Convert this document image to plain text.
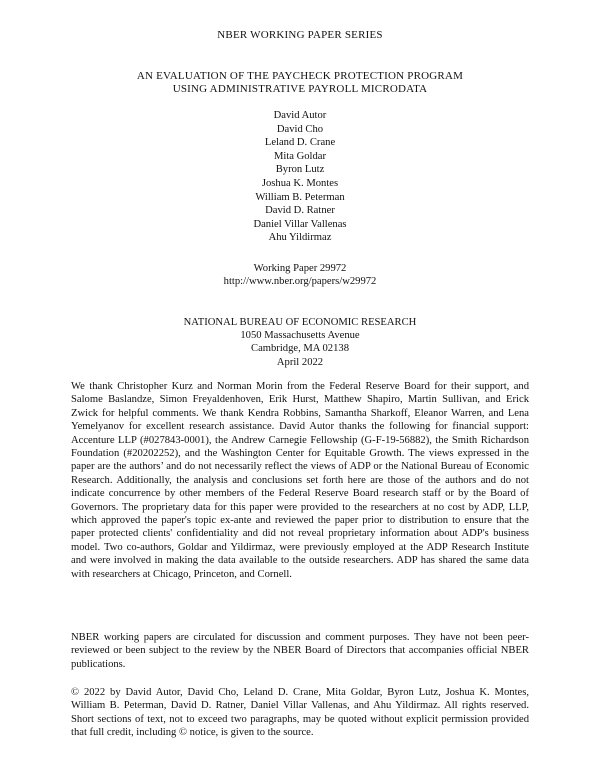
NBER WORKING PAPER SERIES
AN EVALUATION OF THE PAYCHECK PROTECTION PROGRAM
USING ADMINISTRATIVE PAYROLL MICRODATA
David Autor
David Cho
Leland D. Crane
Mita Goldar
Byron Lutz
Joshua K. Montes
William B. Peterman
David D. Ratner
Daniel Villar Vallenas
Ahu Yildirmaz
Working Paper 29972
http://www.nber.org/papers/w29972
NATIONAL BUREAU OF ECONOMIC RESEARCH
1050 Massachusetts Avenue
Cambridge, MA 02138
April 2022

We thank Christopher Kurz and Norman Morin from the Federal Reserve Board for their support, and Salome Baslandze, Simon Freyaldenhoven, Erik Hurst, Matthew Shapiro, Martin Sullivan, and Erick Zwick for helpful comments. We thank Kendra Robbins, Samantha Sharkoff, Eleanor Warren, and Lena Yemelyanov for excellent research assistance. David Autor thanks the following for financial support: Accenture LLP (#027843-0001), the Andrew Carnegie Fellowship (G-F-19-56882), the Smith Richardson Foundation (#20202252), and the Washington Center for Equitable Growth. The views expressed in the paper are the authors’ and do not necessarily reflect the views of ADP or the National Bureau of Economic Research. Additionally, the analysis and conclusions set forth here are those of the authors and do not indicate concurrence by other members of the Federal Reserve Board research staff or by the Board of Governors. The proprietary data for this paper were provided to the researchers at no cost by ADP, LLP, which approved the paper's topic ex-ante and reviewed the paper prior to distribution to ensure that the paper protected clients' confidentiality and did not reveal proprietary information about ADP's business model. Two co-authors, Goldar and Yildirmaz, were previously employed at the ADP Research Institute and were involved in making the data available to the outside researchers. ADP has shared the same data with researchers at Chicago, Princeton, and Cornell.

NBER working papers are circulated for discussion and comment purposes. They have not been peer-reviewed or been subject to the review by the NBER Board of Directors that accompanies official NBER publications.

© 2022 by David Autor, David Cho, Leland D. Crane, Mita Goldar, Byron Lutz, Joshua K. Montes, William B. Peterman, David D. Ratner, Daniel Villar Vallenas, and Ahu Yildirmaz. All rights reserved. Short sections of text, not to exceed two paragraphs, may be quoted without explicit permission provided that full credit, including © notice, is given to the source.
